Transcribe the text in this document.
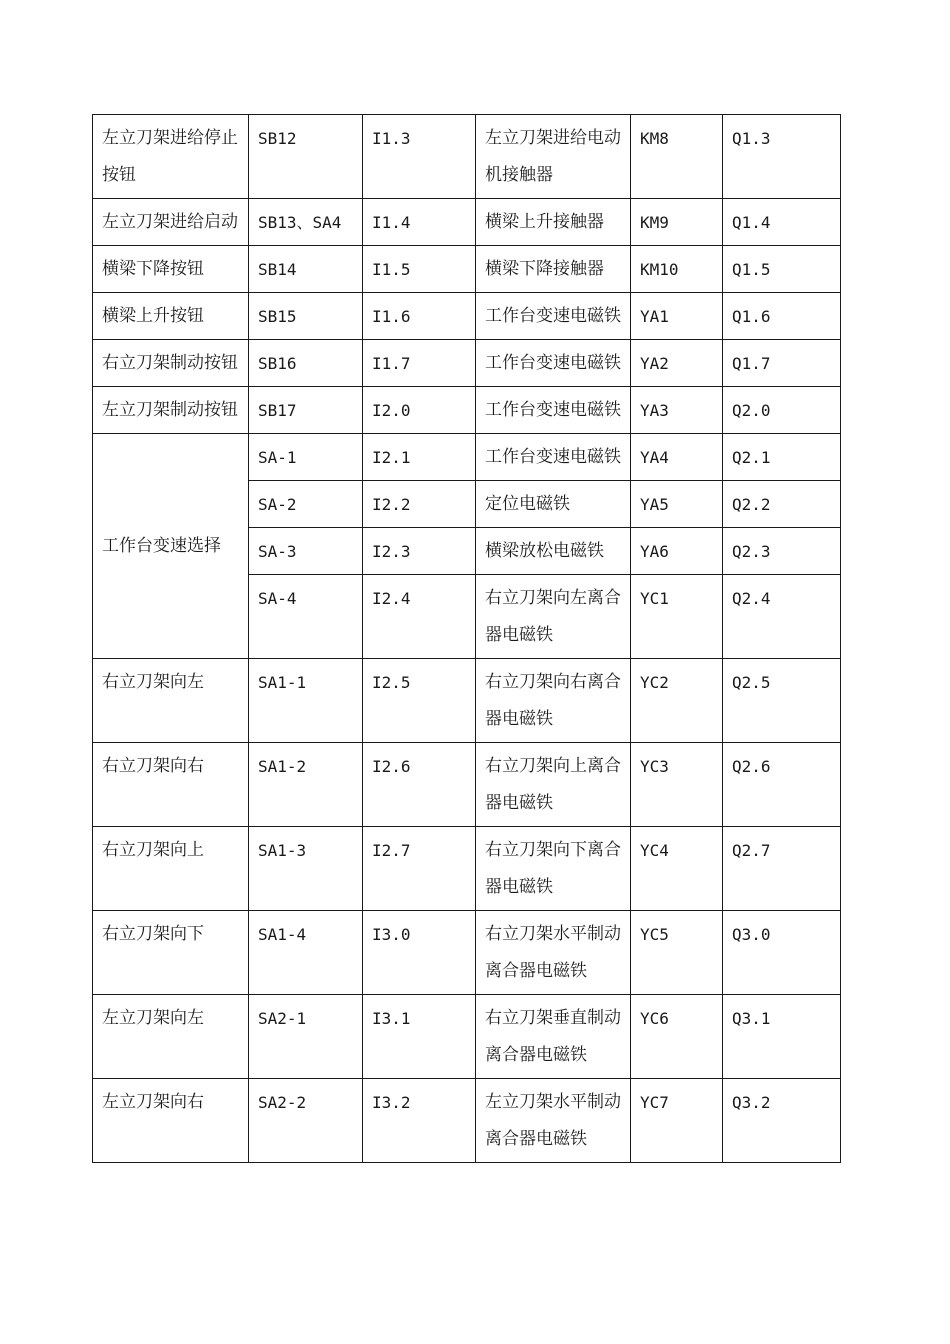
左立刀架进给停止按钮	SB12	I1.3	左立刀架进给电动机接触器	KM8	Q1.3
左立刀架进给启动	SB13、SA4	I1.4	横梁上升接触器	KM9	Q1.4
横梁下降按钮	SB14	I1.5	横梁下降接触器	KM10	Q1.5
横梁上升按钮	SB15	I1.6	工作台变速电磁铁	YA1	Q1.6
右立刀架制动按钮	SB16	I1.7	工作台变速电磁铁	YA2	Q1.7
左立刀架制动按钮	SB17	I2.0	工作台变速电磁铁	YA3	Q2.0
工作台变速选择	SA-1	I2.1	工作台变速电磁铁	YA4	Q2.1
	SA-2	I2.2	定位电磁铁	YA5	Q2.2
	SA-3	I2.3	横梁放松电磁铁	YA6	Q2.3
	SA-4	I2.4	右立刀架向左离合器电磁铁	YC1	Q2.4
右立刀架向左	SA1-1	I2.5	右立刀架向右离合器电磁铁	YC2	Q2.5
右立刀架向右	SA1-2	I2.6	右立刀架向上离合器电磁铁	YC3	Q2.6
右立刀架向上	SA1-3	I2.7	右立刀架向下离合器电磁铁	YC4	Q2.7
右立刀架向下	SA1-4	I3.0	右立刀架水平制动离合器电磁铁	YC5	Q3.0
左立刀架向左	SA2-1	I3.1	右立刀架垂直制动离合器电磁铁	YC6	Q3.1
左立刀架向右	SA2-2	I3.2	左立刀架水平制动离合器电磁铁	YC7	Q3.2
